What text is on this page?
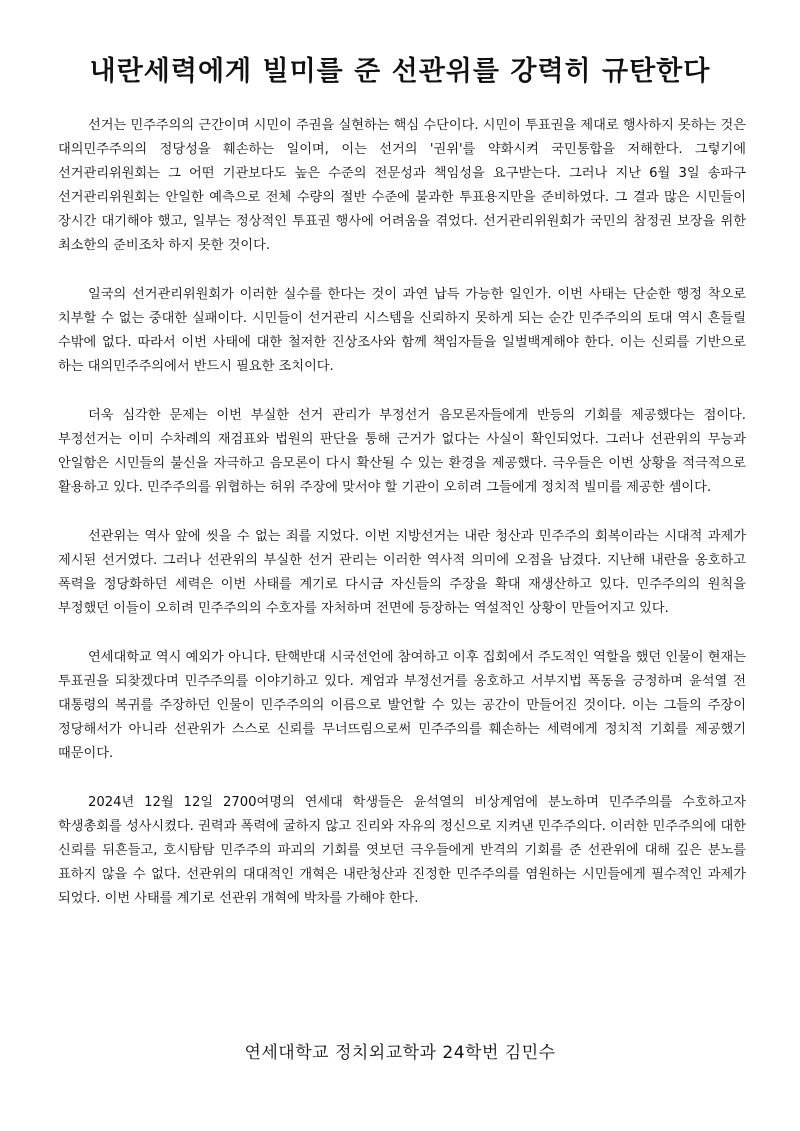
내란세력에게 빌미를 준 선관위를 강력히 규탄한다

선거는 민주주의의 근간이며 시민이 주권을 실현하는 핵심 수단이다. 시민이 투표권을 제대로 행사하지 못하는 것은 대의민주주의의 정당성을 훼손하는 일이며, 이는 선거의 '권위'를 약화시켜 국민통합을 저해한다. 그렇기에 선거관리위원회는 그 어떤 기관보다도 높은 수준의 전문성과 책임성을 요구받는다. 그러나 지난 6월 3일 송파구 선거관리위원회는 안일한 예측으로 전체 수량의 절반 수준에 불과한 투표용지만을 준비하였다. 그 결과 많은 시민들이 장시간 대기해야 했고, 일부는 정상적인 투표권 행사에 어려움을 겪었다. 선거관리위원회가 국민의 참정권 보장을 위한 최소한의 준비조차 하지 못한 것이다.

일국의 선거관리위원회가 이러한 실수를 한다는 것이 과연 납득 가능한 일인가. 이번 사태는 단순한 행정 착오로 치부할 수 없는 중대한 실패이다. 시민들이 선거관리 시스템을 신뢰하지 못하게 되는 순간 민주주의의 토대 역시 흔들릴 수밖에 없다. 따라서 이번 사태에 대한 철저한 진상조사와 함께 책임자들을 일벌백계해야 한다. 이는 신뢰를 기반으로 하는 대의민주주의에서 반드시 필요한 조치이다.

더욱 심각한 문제는 이번 부실한 선거 관리가 부정선거 음모론자들에게 반등의 기회를 제공했다는 점이다. 부정선거는 이미 수차례의 재검표와 법원의 판단을 통해 근거가 없다는 사실이 확인되었다. 그러나 선관위의 무능과 안일함은 시민들의 불신을 자극하고 음모론이 다시 확산될 수 있는 환경을 제공했다. 극우들은 이번 상황을 적극적으로 활용하고 있다. 민주주의를 위협하는 허위 주장에 맞서야 할 기관이 오히려 그들에게 정치적 빌미를 제공한 셈이다.

선관위는 역사 앞에 씻을 수 없는 죄를 지었다. 이번 지방선거는 내란 청산과 민주주의 회복이라는 시대적 과제가 제시된 선거였다. 그러나 선관위의 부실한 선거 관리는 이러한 역사적 의미에 오점을 남겼다. 지난해 내란을 옹호하고 폭력을 정당화하던 세력은 이번 사태를 계기로 다시금 자신들의 주장을 확대 재생산하고 있다. 민주주의의 원칙을 부정했던 이들이 오히려 민주주의의 수호자를 자처하며 전면에 등장하는 역설적인 상황이 만들어지고 있다.

연세대학교 역시 예외가 아니다. 탄핵반대 시국선언에 참여하고 이후 집회에서 주도적인 역할을 했던 인물이 현재는 투표권을 되찾겠다며 민주주의를 이야기하고 있다. 계엄과 부정선거를 옹호하고 서부지법 폭동을 긍정하며 윤석열 전 대통령의 복귀를 주장하던 인물이 민주주의의 이름으로 발언할 수 있는 공간이 만들어진 것이다. 이는 그들의 주장이 정당해서가 아니라 선관위가 스스로 신뢰를 무너뜨림으로써 민주주의를 훼손하는 세력에게 정치적 기회를 제공했기 때문이다.

2024년 12월 12일 2700여명의 연세대 학생들은 윤석열의 비상계엄에 분노하며 민주주의를 수호하고자 학생총회를 성사시켰다. 권력과 폭력에 굴하지 않고 진리와 자유의 정신으로 지켜낸 민주주의다. 이러한 민주주의에 대한 신뢰를 뒤흔들고, 호시탐탐 민주주의 파괴의 기회를 엿보던 극우들에게 반격의 기회를 준 선관위에 대해 깊은 분노를 표하지 않을 수 없다. 선관위의 대대적인 개혁은 내란청산과 진정한 민주주의를 염원하는 시민들에게 필수적인 과제가 되었다. 이번 사태를 계기로 선관위 개혁에 박차를 가해야 한다.

연세대학교 정치외교학과 24학번 김민수
